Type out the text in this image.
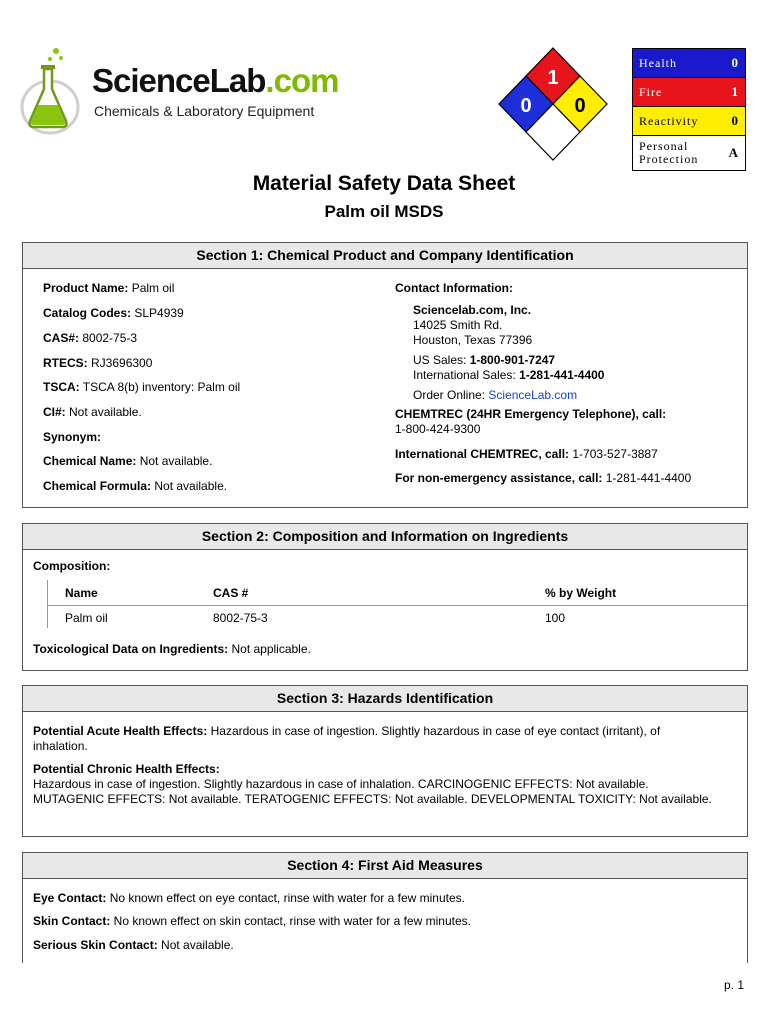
ScienceLab.com
Chemicals & Laboratory Equipment
1
0 0
Health	0
Fire	1
Reactivity	0
Personal
Protection A
Material Safety Data Sheet
Palm oil MSDS
Section 1: Chemical Product and Company Identification
Product Name: Palm oil
Catalog Codes: SLP4939
CAS#: 8002-75-3
RTECS: RJ3696300
TSCA: TSCA 8(b) inventory: Palm oil
CI#: Not available.
Synonym:
Chemical Name: Not available.
Chemical Formula: Not available.
Contact Information:
Sciencelab.com, Inc.
14025 Smith Rd.
Houston, Texas 77396
US Sales: 1-800-901-7247
International Sales: 1-281-441-4400
Order Online: ScienceLab.com
CHEMTREC (24HR Emergency Telephone), call:
1-800-424-9300
International CHEMTREC, call: 1-703-527-3887
For non-emergency assistance, call: 1-281-441-4400
Section 2: Composition and Information on Ingredients
Composition:
Name	CAS #	% by Weight
Palm oil	8002-75-3	100
Toxicological Data on Ingredients: Not applicable.
Section 3: Hazards Identification
Potential Acute Health Effects: Hazardous in case of ingestion. Slightly hazardous in case of eye contact (irritant), of inhalation.
Potential Chronic Health Effects:
Hazardous in case of ingestion. Slightly hazardous in case of inhalation. CARCINOGENIC EFFECTS: Not available. MUTAGENIC EFFECTS: Not available. TERATOGENIC EFFECTS: Not available. DEVELOPMENTAL TOXICITY: Not available.
Section 4: First Aid Measures
Eye Contact: No known effect on eye contact, rinse with water for a few minutes.
Skin Contact: No known effect on skin contact, rinse with water for a few minutes.
Serious Skin Contact: Not available.
p. 1
